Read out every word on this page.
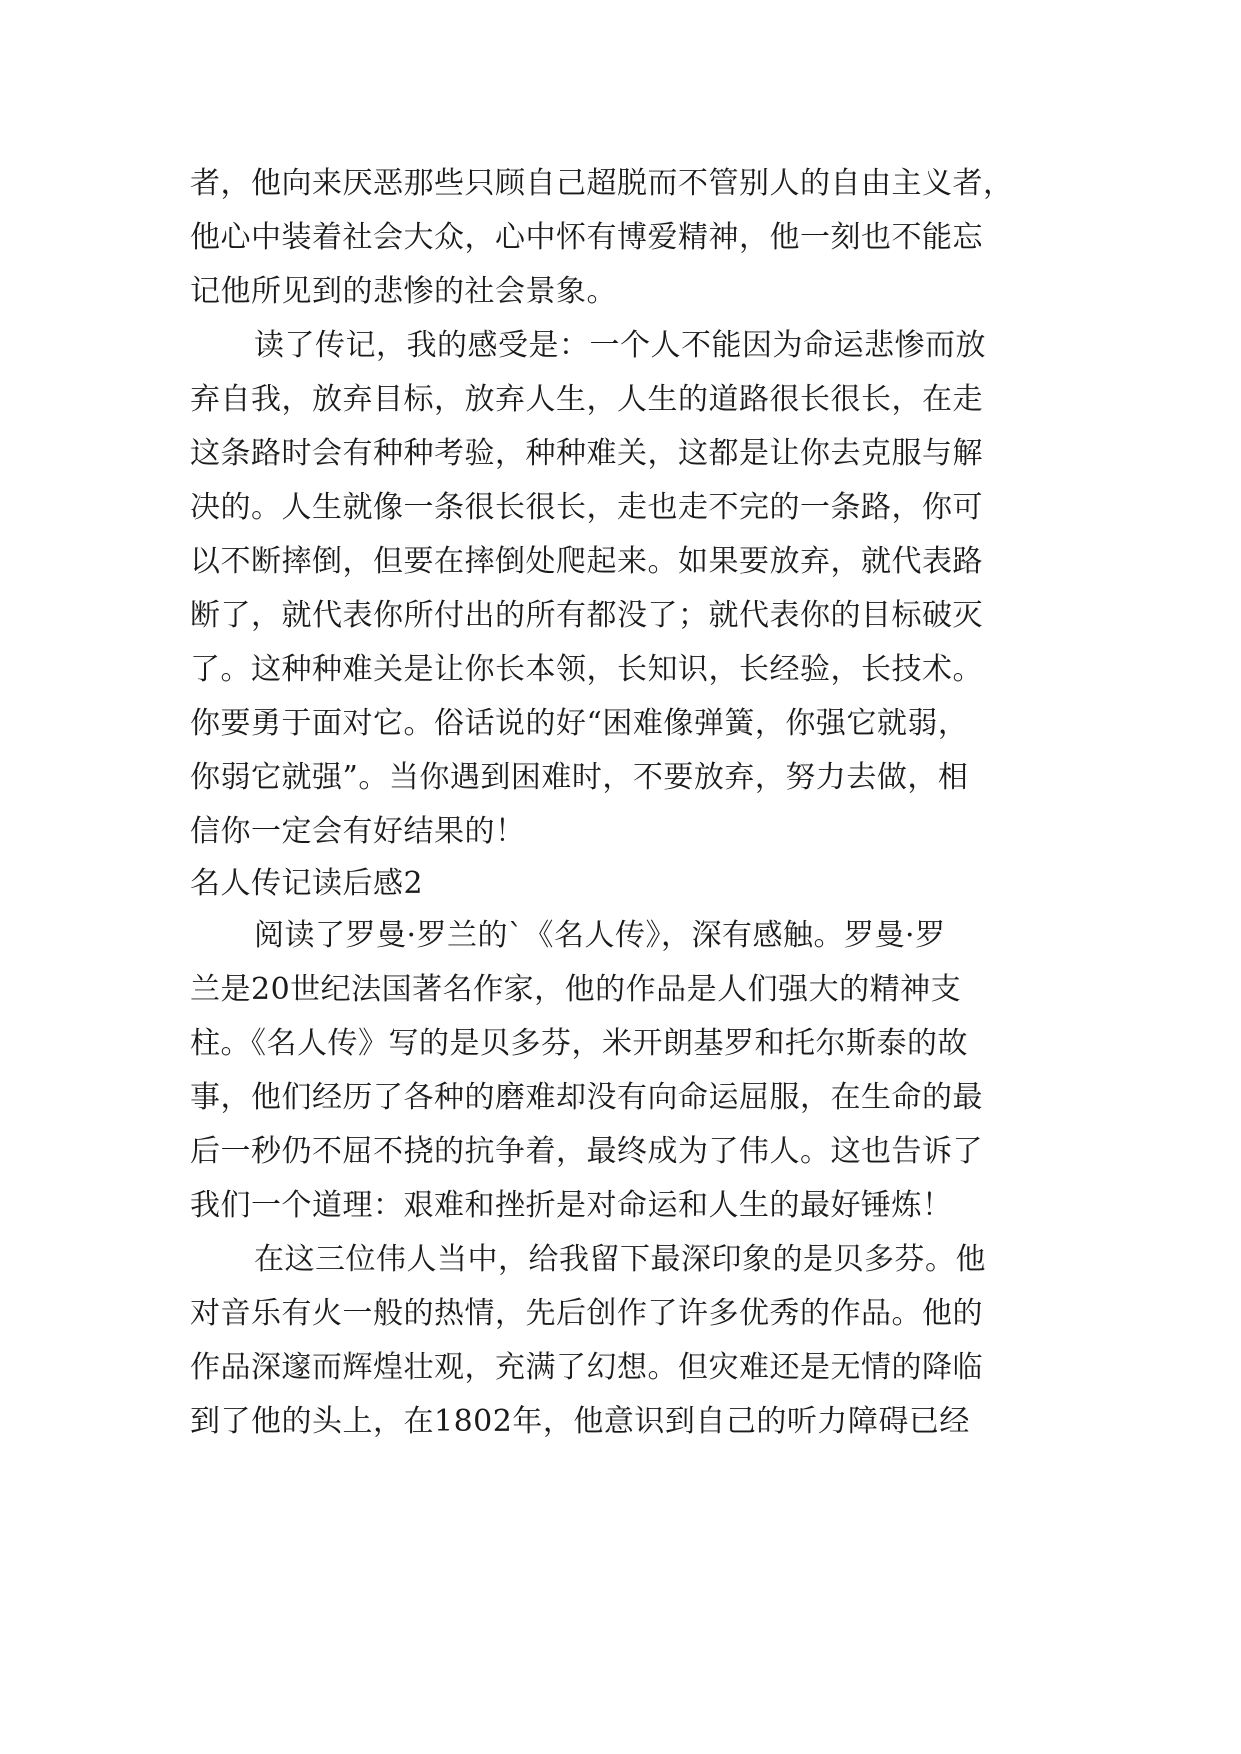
者，他向来厌恶那些只顾自己超脱而不管别人的自由主义者，
他心中装着社会大众，心中怀有博爱精神，他一刻也不能忘
记他所见到的悲惨的社会景象。
读了传记，我的感受是：一个人不能因为命运悲惨而放
弃自我，放弃目标，放弃人生，人生的道路很长很长，在走
这条路时会有种种考验，种种难关，这都是让你去克服与解
决的。人生就像一条很长很长，走也走不完的一条路，你可
以不断摔倒，但要在摔倒处爬起来。如果要放弃，就代表路
断了，就代表你所付出的所有都没了；就代表你的目标破灭
了。这种种难关是让你长本领，长知识，长经验，长技术。
你要勇于面对它。俗话说的好“困难像弹簧，你强它就弱，
你弱它就强”。当你遇到困难时，不要放弃，努力去做，相
信你一定会有好结果的！
名人传记读后感2
阅读了罗曼·罗兰的`《名人传》，深有感触。罗曼·罗
兰是20世纪法国著名作家，他的作品是人们强大的精神支
柱。《名人传》写的是贝多芬，米开朗基罗和托尔斯泰的故
事，他们经历了各种的磨难却没有向命运屈服，在生命的最
后一秒仍不屈不挠的抗争着，最终成为了伟人。这也告诉了
我们一个道理：艰难和挫折是对命运和人生的最好锤炼！
在这三位伟人当中，给我留下最深印象的是贝多芬。他
对音乐有火一般的热情，先后创作了许多优秀的作品。他的
作品深邃而辉煌壮观，充满了幻想。但灾难还是无情的降临
到了他的头上，在1802年，他意识到自己的听力障碍已经
